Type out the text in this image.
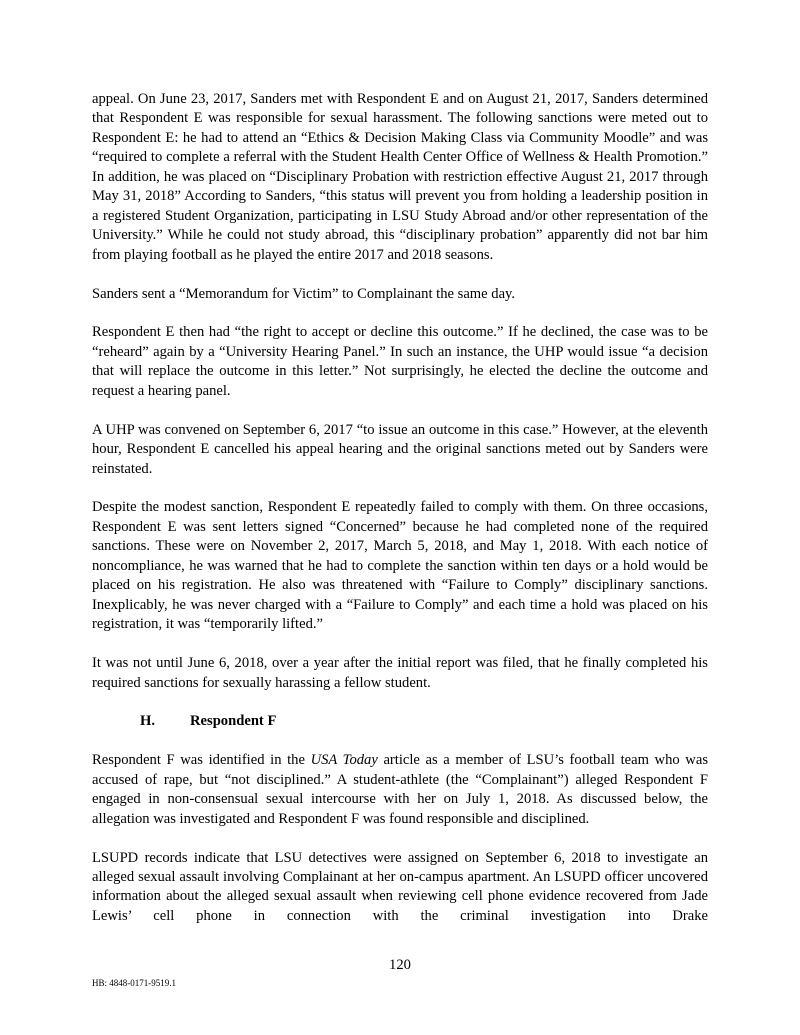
appeal. On June 23, 2017, Sanders met with Respondent E and on August 21, 2017, Sanders determined that Respondent E was responsible for sexual harassment. The following sanctions were meted out to Respondent E: he had to attend an “Ethics & Decision Making Class via Community Moodle” and was “required to complete a referral with the Student Health Center Office of Wellness & Health Promotion.” In addition, he was placed on “Disciplinary Probation with restriction effective August 21, 2017 through May 31, 2018” According to Sanders, “this status will prevent you from holding a leadership position in a registered Student Organization, participating in LSU Study Abroad and/or other representation of the University.” While he could not study abroad, this “disciplinary probation” apparently did not bar him from playing football as he played the entire 2017 and 2018 seasons.

Sanders sent a “Memorandum for Victim” to Complainant the same day.

Respondent E then had “the right to accept or decline this outcome.” If he declined, the case was to be “reheard” again by a “University Hearing Panel.” In such an instance, the UHP would issue “a decision that will replace the outcome in this letter.” Not surprisingly, he elected the decline the outcome and request a hearing panel.

A UHP was convened on September 6, 2017 “to issue an outcome in this case.” However, at the eleventh hour, Respondent E cancelled his appeal hearing and the original sanctions meted out by Sanders were reinstated.

Despite the modest sanction, Respondent E repeatedly failed to comply with them. On three occasions, Respondent E was sent letters signed “Concerned” because he had completed none of the required sanctions. These were on November 2, 2017, March 5, 2018, and May 1, 2018. With each notice of noncompliance, he was warned that he had to complete the sanction within ten days or a hold would be placed on his registration. He also was threatened with “Failure to Comply” disciplinary sanctions. Inexplicably, he was never charged with a “Failure to Comply” and each time a hold was placed on his registration, it was “temporarily lifted.”

It was not until June 6, 2018, over a year after the initial report was filed, that he finally completed his required sanctions for sexually harassing a fellow student.

H. Respondent F

Respondent F was identified in the USA Today article as a member of LSU’s football team who was accused of rape, but “not disciplined.” A student-athlete (the “Complainant”) alleged Respondent F engaged in non-consensual sexual intercourse with her on July 1, 2018. As discussed below, the allegation was investigated and Respondent F was found responsible and disciplined.

LSUPD records indicate that LSU detectives were assigned on September 6, 2018 to investigate an alleged sexual assault involving Complainant at her on-campus apartment. An LSUPD officer uncovered information about the alleged sexual assault when reviewing cell phone evidence recovered from Jade Lewis’ cell phone in connection with the criminal investigation into Drake

120
HB: 4848-0171-9519.1
